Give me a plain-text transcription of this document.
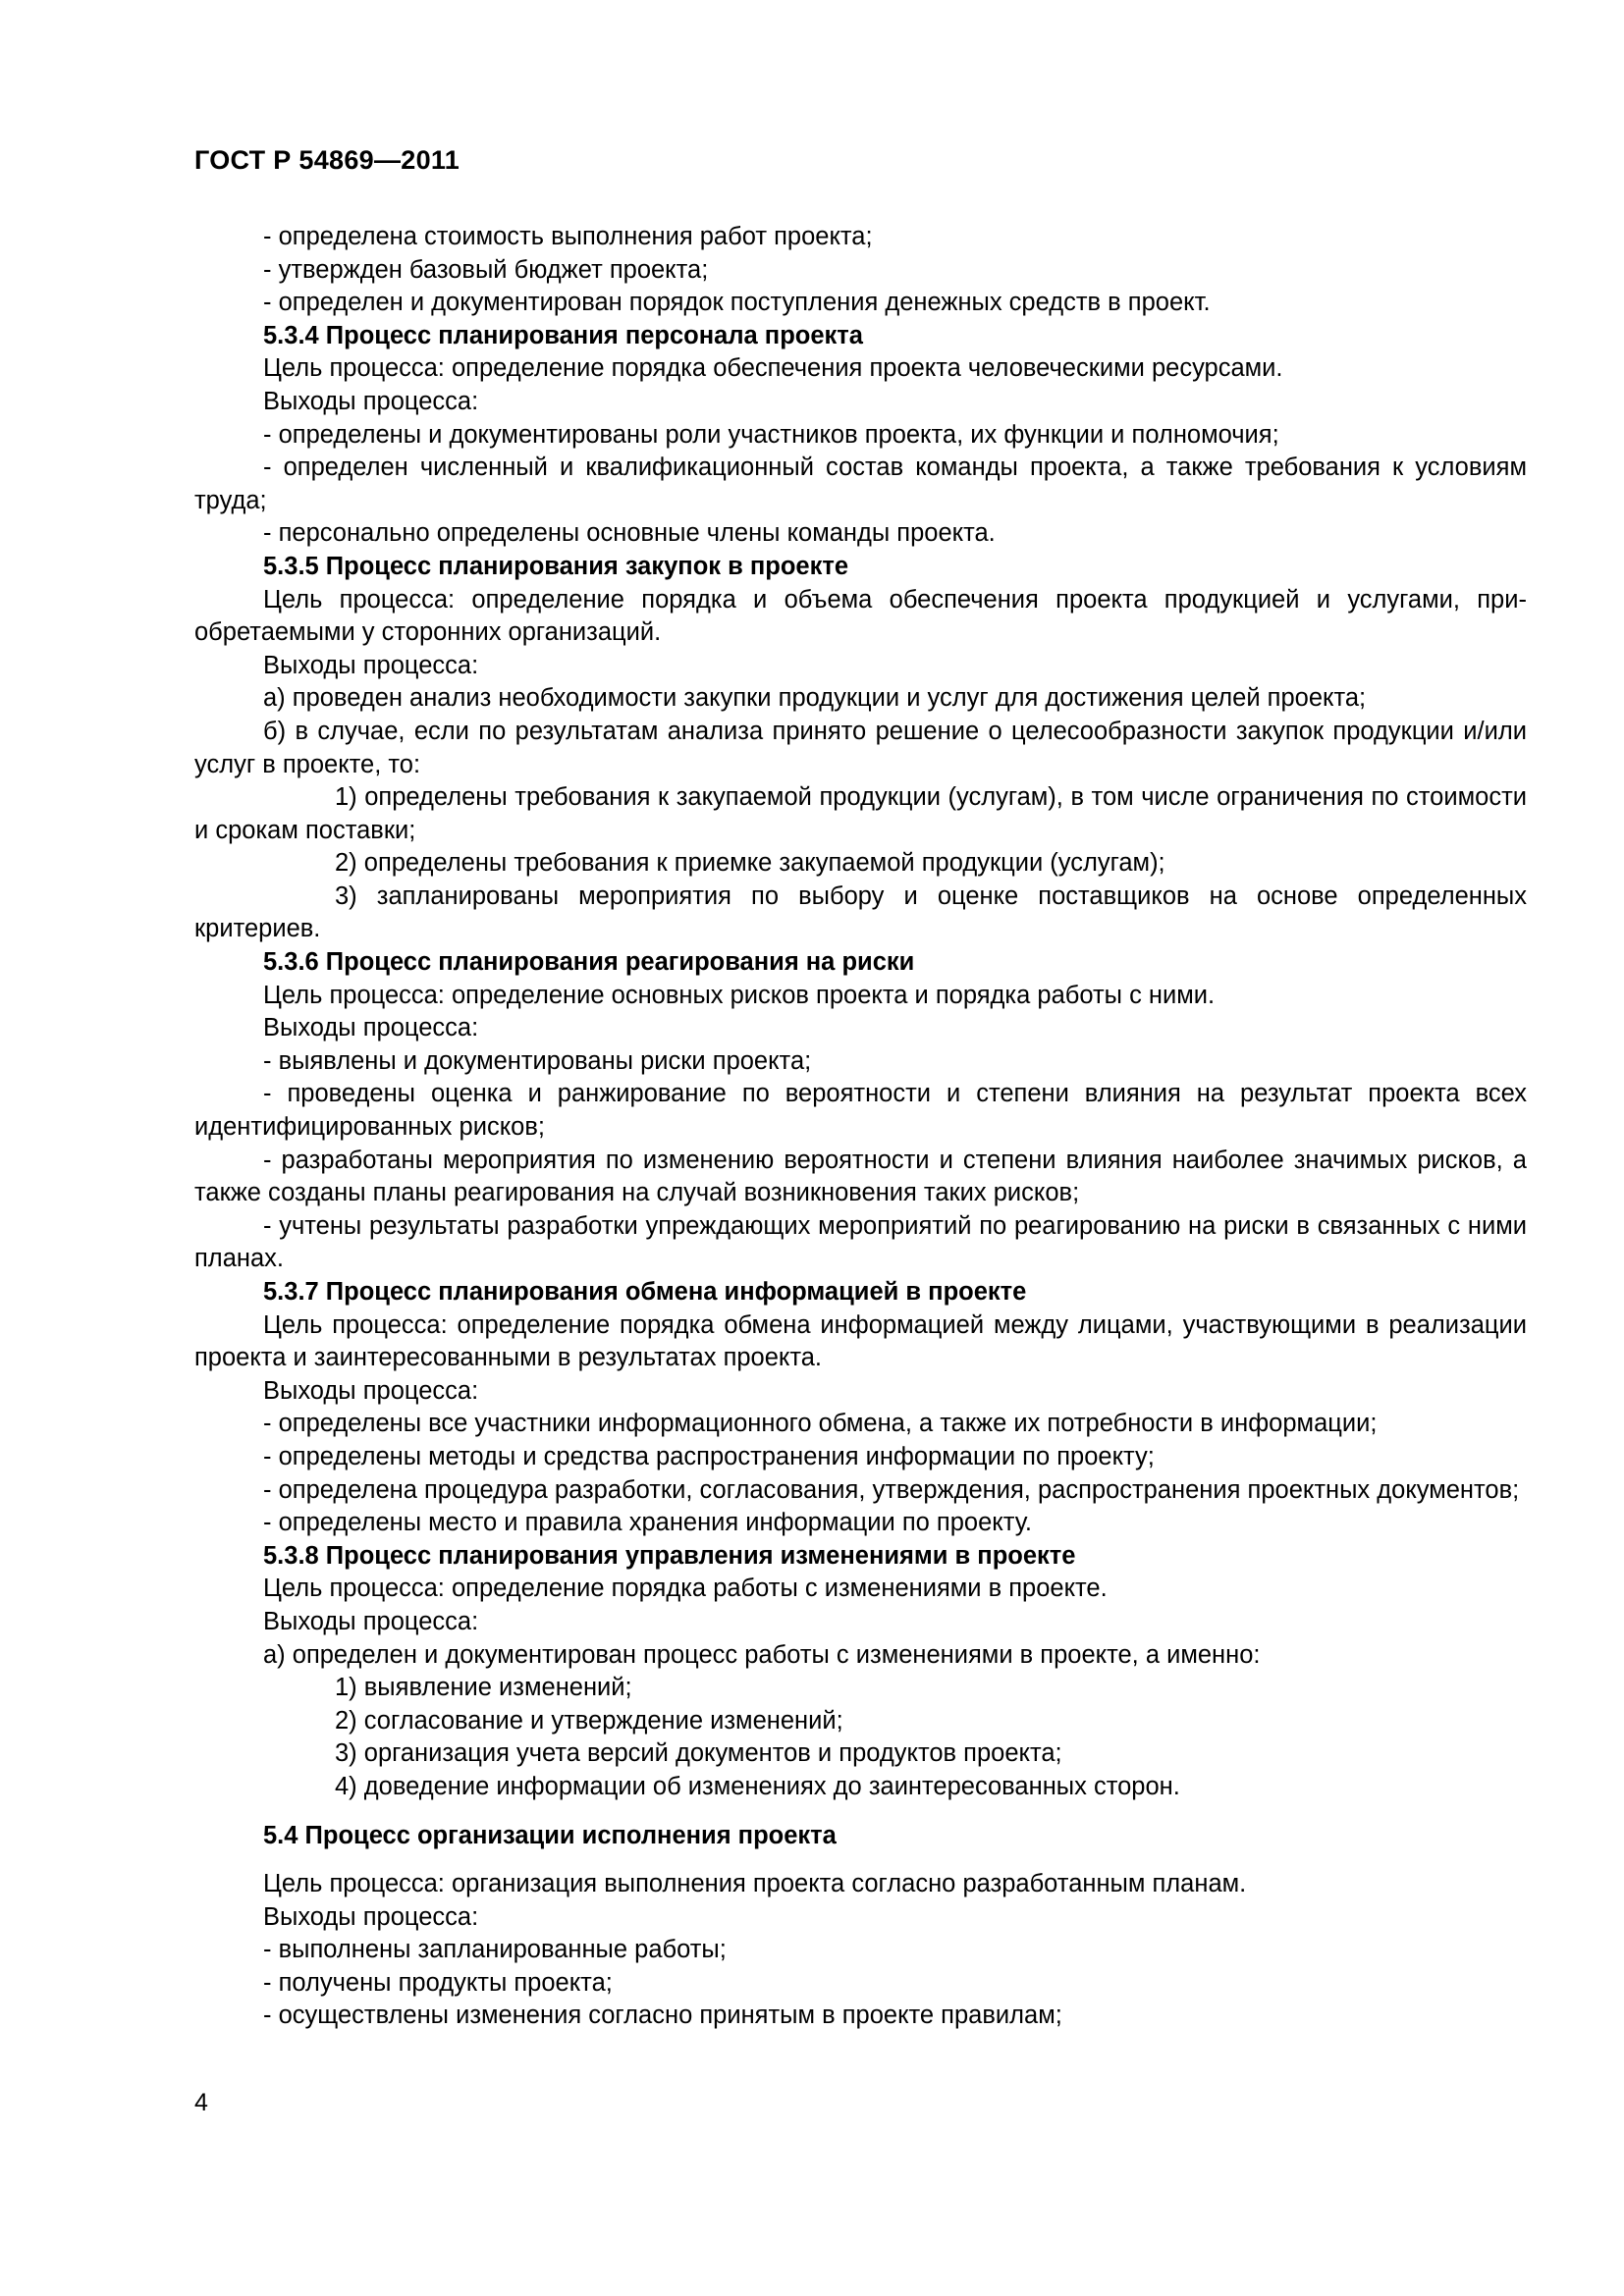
ГОСТ Р 54869—2011

- определена стоимость выполнения работ проекта;

- утвержден базовый бюджет проекта;

- определен и документирован порядок поступления денежных средств в проект.

5.3.4 Процесс планирования персонала проекта

Цель процесса: определение порядка обеспечения проекта человеческими ресурсами.

Выходы процесса:

- определены и документированы роли участников проекта, их функции и полномочия;

- определен численный и квалификационный состав команды проекта, а также требования к условиям труда;

- персонально определены основные члены команды проекта.

5.3.5 Процесс планирования закупок в проекте

Цель процесса: определение порядка и объема обеспечения проекта продукцией и услугами, приобретаемыми у сторонних организаций.

Выходы процесса:

а) проведен анализ необходимости закупки продукции и услуг для достижения целей проекта;

б) в случае, если по результатам анализа принято решение о целесообразности закупок продукции и/или услуг в проекте, то:

1) определены требования к закупаемой продукции (услугам), в том числе ограничения по стоимости и срокам поставки;

2) определены требования к приемке закупаемой продукции (услугам);

3) запланированы мероприятия по выбору и оценке поставщиков на основе определенных критериев.

5.3.6 Процесс планирования реагирования на риски

Цель процесса: определение основных рисков проекта и порядка работы с ними.

Выходы процесса:

- выявлены и документированы риски проекта;

- проведены оценка и ранжирование по вероятности и степени влияния на результат проекта всех идентифицированных рисков;

- разработаны мероприятия по изменению вероятности и степени влияния наиболее значимых рисков, а также созданы планы реагирования на случай возникновения таких рисков;

- учтены результаты разработки упреждающих мероприятий по реагированию на риски в связанных с ними планах.

5.3.7 Процесс планирования обмена информацией в проекте

Цель процесса: определение порядка обмена информацией между лицами, участвующими в реализации проекта и заинтересованными в результатах проекта.

Выходы процесса:

- определены все участники информационного обмена, а также их потребности в информации;

- определены методы и средства распространения информации по проекту;

- определена процедура разработки, согласования, утверждения, распространения проектных документов;

- определены место и правила хранения информации по проекту.

5.3.8 Процесс планирования управления изменениями в проекте

Цель процесса: определение порядка работы с изменениями в проекте.

Выходы процесса:

а) определен и документирован процесс работы с изменениями в проекте, а именно:

1) выявление изменений;

2) согласование и утверждение изменений;

3) организация учета версий документов и продуктов проекта;

4) доведение информации об изменениях до заинтересованных сторон.

5.4 Процесс организации исполнения проекта

Цель процесса: организация выполнения проекта согласно разработанным планам.

Выходы процесса:

- выполнены запланированные работы;

- получены продукты проекта;

- осуществлены изменения согласно принятым в проекте правилам;

4
